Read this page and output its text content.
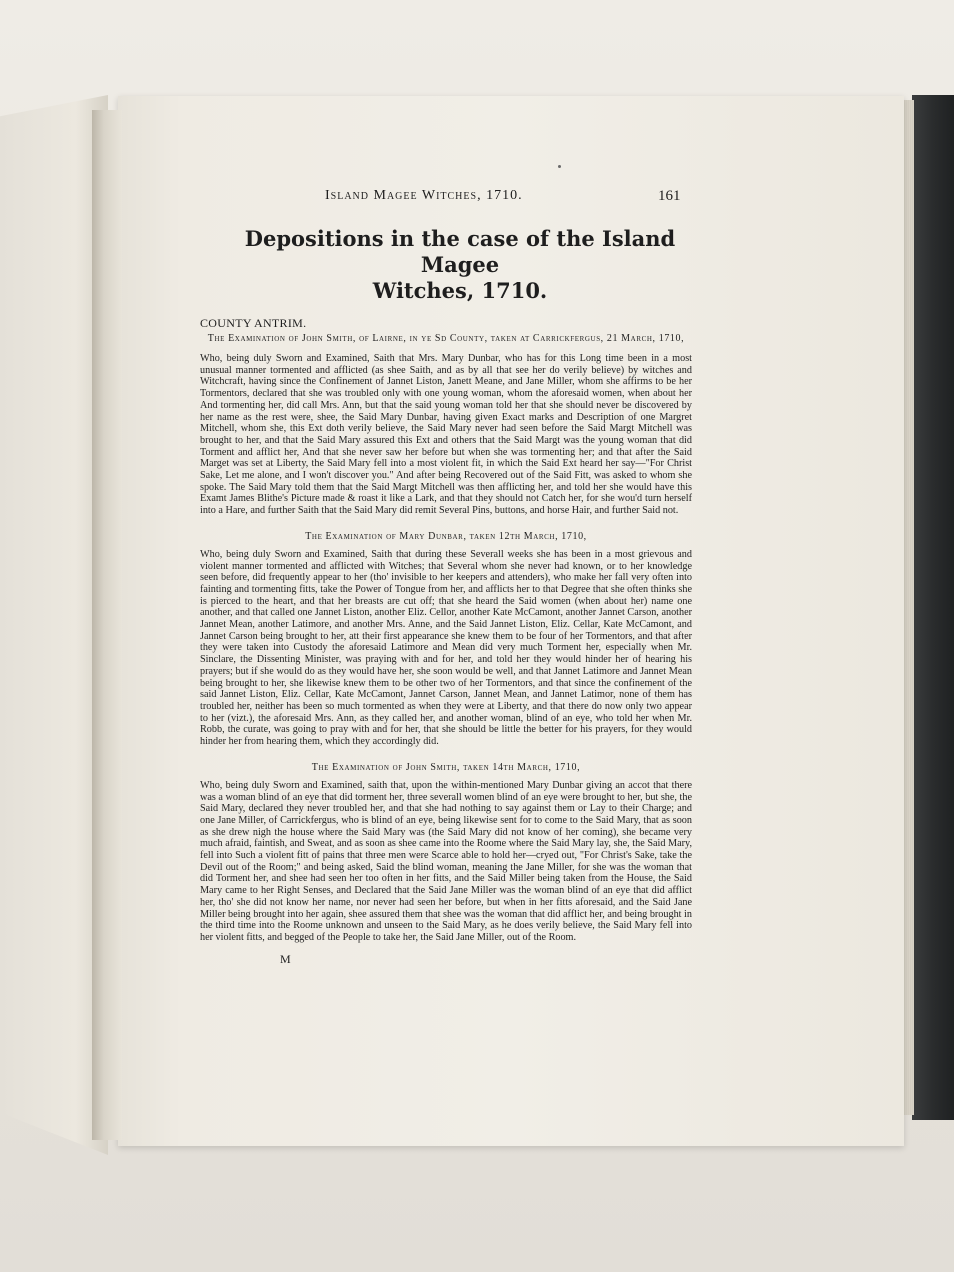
Island Magee Witches, 1710.	161
Depositions in the case of the Island Magee
Witches, 1710.
COUNTY ANTRIM.
The Examination of John Smith, of Lairne, in ye Sd County, taken at Carrickfergus, 21 March, 1710,

Who, being duly Sworn and Examined, Saith that Mrs. Mary Dunbar, who has for this Long time been in a most unusual manner tormented and afflicted (as shee Saith, and as by all that see her do verily believe) by witches and Witchcraft, having since the Confinement of Jannet Liston, Janett Meane, and Jane Miller, whom she affirms to be her Tormentors, declared that she was troubled only with one young woman, whom the aforesaid women, when about her And tormenting her, did call Mrs. Ann, but that the said young woman told her that she should never be discovered by her name as the rest were, shee, the Said Mary Dunbar, having given Exact marks and Description of one Margret Mitchell, whom she, this Ext doth verily believe, the Said Mary never had seen before the Said Margt Mitchell was brought to her, and that the Said Mary assured this Ext and others that the Said Margt was the young woman that did Torment and afflict her, And that she never saw her before but when she was tormenting her; and that after the Said Marget was set at Liberty, the Said Mary fell into a most violent fit, in which the Said Ext heard her say—"For Christ Sake, Let me alone, and I won't discover you." And after being Recovered out of the Said Fitt, was asked to whom she spoke. The Said Mary told them that the Said Margt Mitchell was then afflicting her, and told her she would have this Examt James Blithe's Picture made & roast it like a Lark, and that they should not Catch her, for she wou'd turn herself into a Hare, and further Saith that the Said Mary did remit Several Pins, buttons, and horse Hair, and further Said not.

The Examination of Mary Dunbar, taken 12th March, 1710,

Who, being duly Sworn and Examined, Saith that during these Severall weeks she has been in a most grievous and violent manner tormented and afflicted with Witches; that Several whom she never had known, or to her knowledge seen before, did frequently appear to her (tho' invisible to her keepers and attenders), who make her fall very often into fainting and tormenting fitts, take the Power of Tongue from her, and afflicts her to that Degree that she often thinks she is pierced to the heart, and that her breasts are cut off; that she heard the Said women (when about her) name one another, and that called one Jannet Liston, another Eliz. Cellor, another Kate McCamont, another Jannet Carson, another Jannet Mean, another Latimore, and another Mrs. Anne, and the Said Jannet Liston, Eliz. Cellar, Kate McCamont, and Jannet Carson being brought to her, att their first appearance she knew them to be four of her Tormentors, and that after they were taken into Custody the aforesaid Latimore and Mean did very much Torment her, especially when Mr. Sinclare, the Dissenting Minister, was praying with and for her, and told her they would hinder her of hearing his prayers; but if she would do as they would have her, she soon would be well, and that Jannet Latimore and Jannet Mean being brought to her, she likewise knew them to be other two of her Tormentors, and that since the confinement of the said Jannet Liston, Eliz. Cellar, Kate McCamont, Jannet Carson, Jannet Mean, and Jannet Latimor, none of them has troubled her, neither has been so much tormented as when they were at Liberty, and that there do now only two appear to her (vizt.), the aforesaid Mrs. Ann, as they called her, and another woman, blind of an eye, who told her when Mr. Robb, the curate, was going to pray with and for her, that she should be little the better for his prayers, for they would hinder her from hearing them, which they accordingly did.

The Examination of John Smith, taken 14th March, 1710,

Who, being duly Sworn and Examined, saith that, upon the within-mentioned Mary Dunbar giving an accot that there was a woman blind of an eye that did torment her, three severall women blind of an eye were brought to her, but she, the Said Mary, declared they never troubled her, and that she had nothing to say against them or Lay to their Charge; and one Jane Miller, of Carrickfergus, who is blind of an eye, being likewise sent for to come to the Said Mary, that as soon as she drew nigh the house where the Said Mary was (the Said Mary did not know of her coming), she became very much afraid, faintish, and Sweat, and as soon as shee came into the Roome where the Said Mary lay, she, the Said Mary, fell into Such a violent fitt of pains that three men were Scarce able to hold her—cryed out, "For Christ's Sake, take the Devil out of the Room;" and being asked, Said the blind woman, meaning the Jane Miller, for she was the woman that did Torment her, and shee had seen her too often in her fitts, and the Said Miller being taken from the House, the Said Mary came to her Right Senses, and Declared that the Said Jane Miller was the woman blind of an eye that did afflict her, tho' she did not know her name, nor never had seen her before, but when in her fitts aforesaid, and the Said Jane Miller being brought into her again, shee assured them that shee was the woman that did afflict her, and being brought in the third time into the Roome unknown and unseen to the Said Mary, as he does verily believe, the Said Mary fell into her violent fitts, and begged of the People to take her, the Said Jane Miller, out of the Room.

M
